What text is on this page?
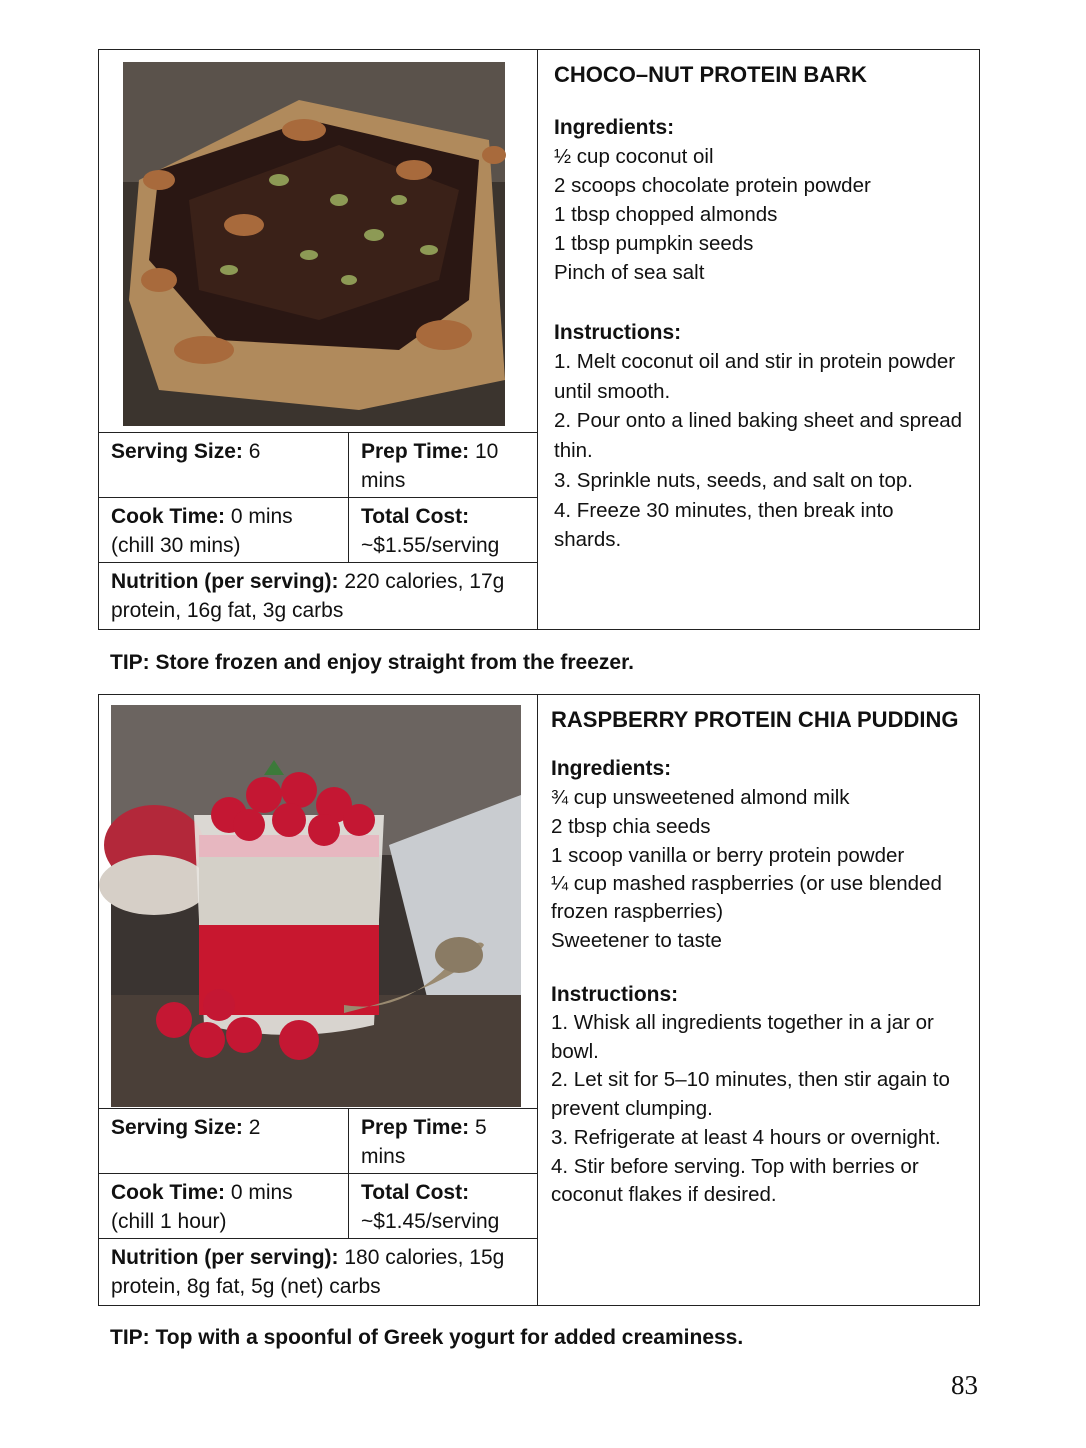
Serving Size: 6	Prep Time: 10 mins
Cook Time: 0 mins (chill 30 mins)
Total Cost: ~$1.55/serving
Nutrition (per serving): 220 calories, 17g protein, 16g fat, 3g carbs
CHOCO–NUT PROTEIN BARK
Ingredients:
½ cup coconut oil
2 scoops chocolate protein powder
1 tbsp chopped almonds
1 tbsp pumpkin seeds
Pinch of sea salt
Instructions:
1. Melt coconut oil and stir in protein powder until smooth.
2. Pour onto a lined baking sheet and spread thin.
3. Sprinkle nuts, seeds, and salt on top.
4. Freeze 30 minutes, then break into shards.
TIP: Store frozen and enjoy straight from the freezer.
Serving Size: 2	Prep Time: 5 mins
Cook Time: 0 mins (chill 1 hour)
Total Cost: ~$1.45/serving
Nutrition (per serving): 180 calories, 15g protein, 8g fat, 5g (net) carbs
RASPBERRY PROTEIN CHIA PUDDING
Ingredients:
¾ cup unsweetened almond milk
2 tbsp chia seeds
1 scoop vanilla or berry protein powder
¼ cup mashed raspberries (or use blended frozen raspberries)
Sweetener to taste
Instructions:
1. Whisk all ingredients together in a jar or bowl.
2. Let sit for 5–10 minutes, then stir again to prevent clumping.
3. Refrigerate at least 4 hours or overnight.
4. Stir before serving. Top with berries or coconut flakes if desired.
TIP: Top with a spoonful of Greek yogurt for added creaminess.
83
